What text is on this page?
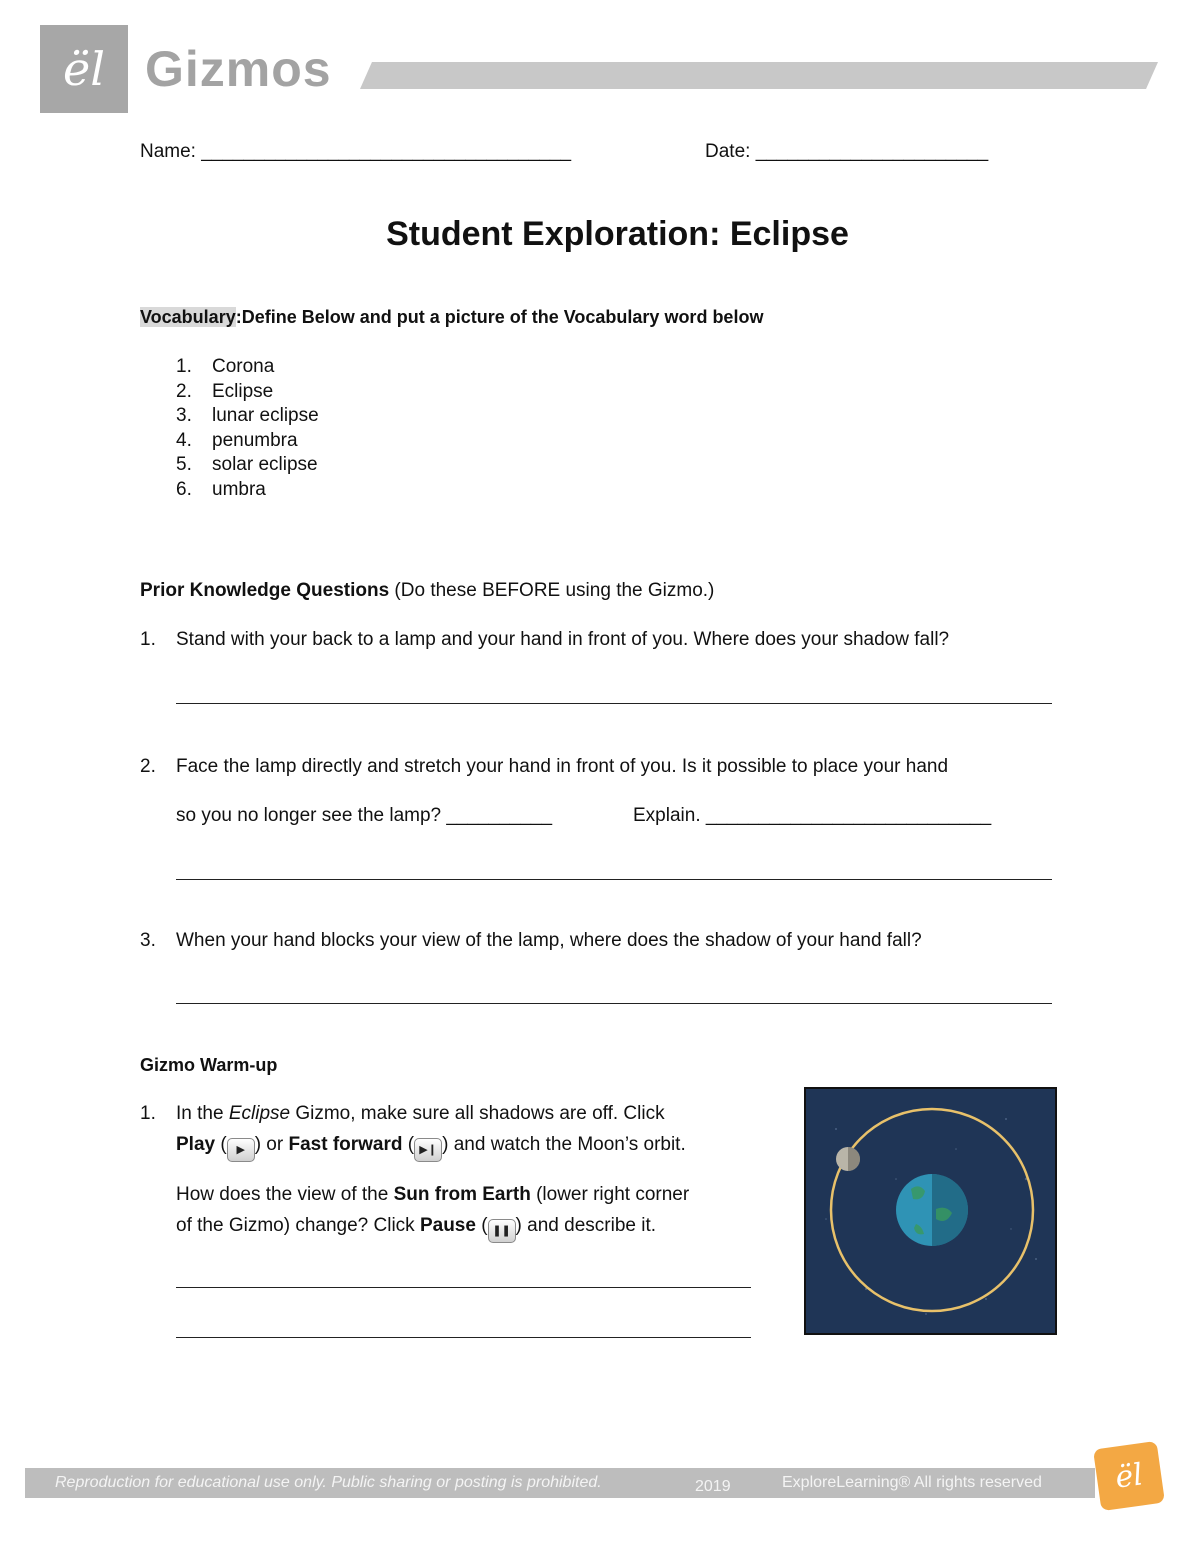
ël Gizmos
Name: ___________________________________	Date: ______________________
Student Exploration: Eclipse
Vocabulary:Define Below and put a picture of the Vocabulary word below
1. Corona
2. Eclipse
3. lunar eclipse
4. penumbra
5. solar eclipse
6. umbra
Prior Knowledge Questions (Do these BEFORE using the Gizmo.)
1. Stand with your back to a lamp and your hand in front of you. Where does your shadow fall?
2. Face the lamp directly and stretch your hand in front of you. Is it possible to place your hand
so you no longer see the lamp? __________	Explain. ___________________________
3. When your hand blocks your view of the lamp, where does the shadow of your hand fall?
Gizmo Warm-up
1. In the Eclipse Gizmo, make sure all shadows are off. Click
Play ( ▶ ) or Fast forward ( ▶❙ ) and watch the Moon’s orbit.
How does the view of the Sun from Earth (lower right corner
of the Gizmo) change? Click Pause ( ❚❚ ) and describe it.
Reproduction for educational use only. Public sharing or posting is prohibited.	2019	ExploreLearning® All rights reserved	ël
